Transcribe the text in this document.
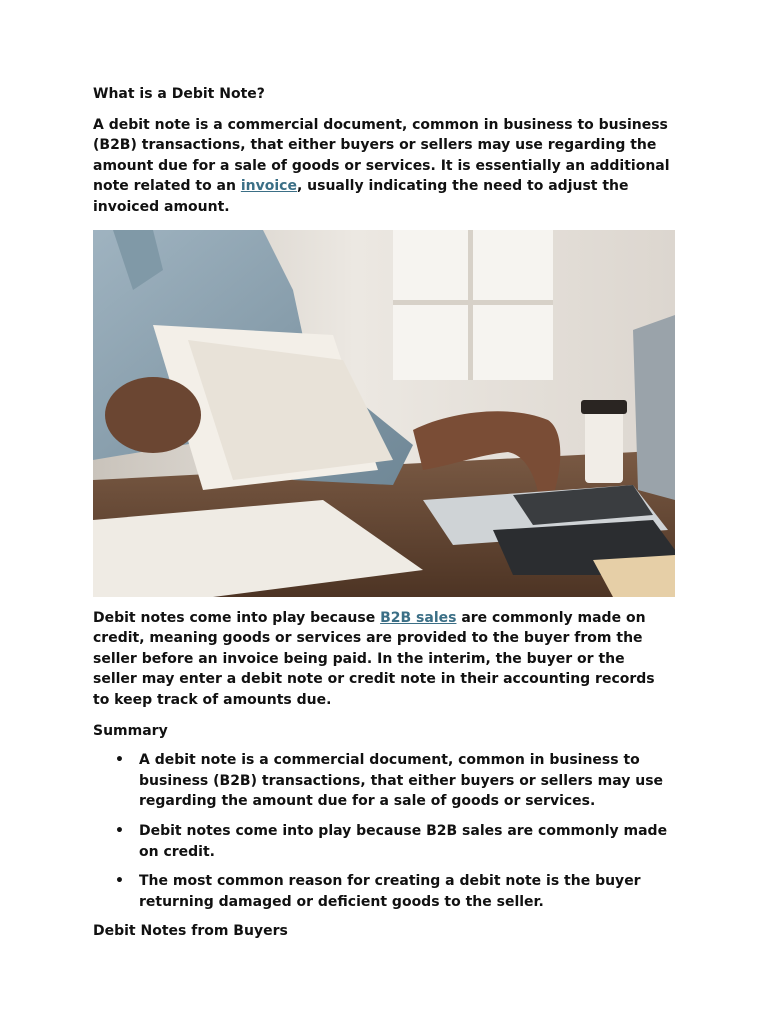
What is a Debit Note?

A debit note is a commercial document, common in business to business (B2B) transactions, that either buyers or sellers may use regarding the amount due for a sale of goods or services. It is essentially an additional note related to an invoice, usually indicating the need to adjust the invoiced amount.

Debit notes come into play because B2B sales are commonly made on credit, meaning goods or services are provided to the buyer from the seller before an invoice being paid. In the interim, the buyer or the seller may enter a debit note or credit note in their accounting records to keep track of amounts due.

Summary

• A debit note is a commercial document, common in business to business (B2B) transactions, that either buyers or sellers may use regarding the amount due for a sale of goods or services.
• Debit notes come into play because B2B sales are commonly made on credit.
• The most common reason for creating a debit note is the buyer returning damaged or deficient goods to the seller.

Debit Notes from Buyers
